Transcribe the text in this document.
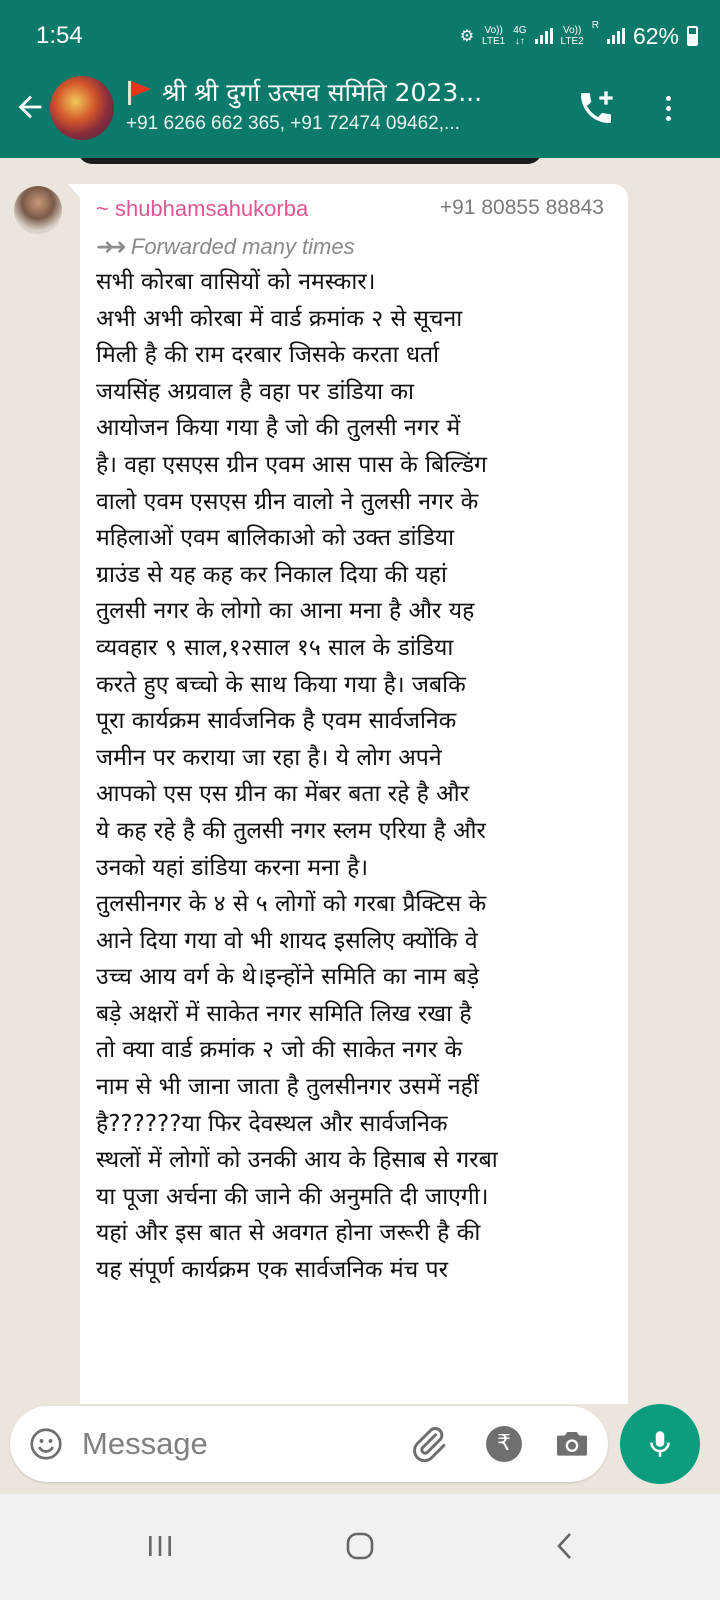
1:54	⚙ Vo))
LTE1
4G
↓↑
Vo))
LTE2
R 62%
श्री श्री दुर्गा उत्सव समिति 2023...
+91 6266 662 365, +91 72474 09462,...
~ shubhamsahukorba	+91 80855 88843
➜➜ Forwarded many times
सभी कोरबा वासियों को नमस्कार।
अभी अभी कोरबा में वार्ड क्रमांक २ से सूचना
मिली है की राम दरबार जिसके करता धर्ता
जयसिंह अग्रवाल है वहा पर डांडिया का
आयोजन किया गया है जो की तुलसी नगर में
है। वहा एसएस ग्रीन एवम आस पास के बिल्डिंग
वालो एवम एसएस ग्रीन वालो ने तुलसी नगर के
महिलाओं एवम बालिकाओ को उक्त डांडिया
ग्राउंड से यह कह कर निकाल दिया की यहां
तुलसी नगर के लोगो का आना मना है और यह
व्यवहार ९ साल,१२साल १५ साल के डांडिया
करते हुए बच्चो के साथ किया गया है। जबकि
पूरा कार्यक्रम सार्वजनिक है एवम सार्वजनिक
जमीन पर कराया जा रहा है। ये लोग अपने
आपको एस एस ग्रीन का मेंबर बता रहे है और
ये कह रहे है की तुलसी नगर स्लम एरिया है और
उनको यहां डांडिया करना मना है।
तुलसीनगर के ४ से ५ लोगों को गरबा प्रैक्टिस के
आने दिया गया वो भी शायद इसलिए क्योंकि वे
उच्च आय वर्ग के थे।इन्होंने समिति का नाम बड़े
बड़े अक्षरों में साकेत नगर समिति लिख रखा है
तो क्या वार्ड क्रमांक २ जो की साकेत नगर के
नाम से भी जाना जाता है तुलसीनगर उसमें नहीं
है??????या फिर देवस्थल और सार्वजनिक
स्थलों में लोगों को उनकी आय के हिसाब से गरबा
या पूजा अर्चना की जाने की अनुमति दी जाएगी।
यहां और इस बात से अवगत होना जरूरी है की
यह संपूर्ण कार्यक्रम एक सार्वजनिक मंच पर
Message
₹
